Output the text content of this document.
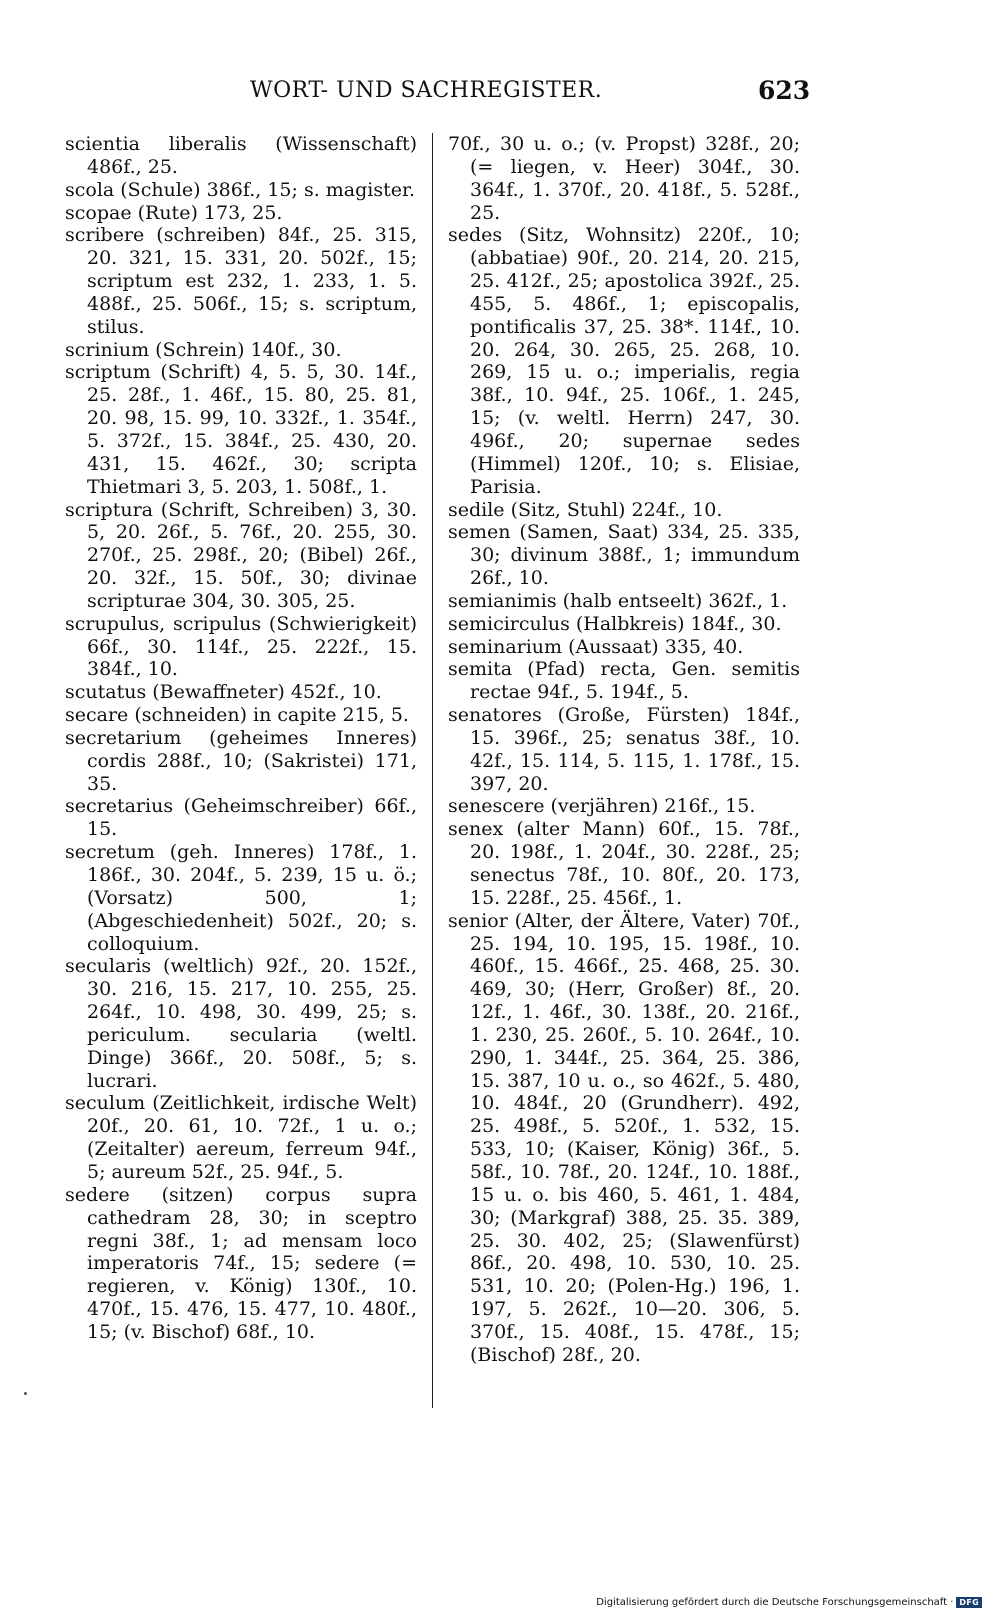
WORT- UND SACHREGISTER.	623

scientia liberalis (Wissenschaft) 486f., 25.

scola (Schule) 386f., 15; s. magister.

scopae (Rute) 173, 25.

scribere (schreiben) 84f., 25. 315, 20. 321, 15. 331, 20. 502f., 15; scriptum est 232, 1. 233, 1. 5. 488f., 25. 506f., 15; s. scriptum, stilus.

scrinium (Schrein) 140f., 30.

scriptum (Schrift) 4, 5. 5, 30. 14f., 25. 28f., 1. 46f., 15. 80, 25. 81, 20. 98, 15. 99, 10. 332f., 1. 354f., 5. 372f., 15. 384f., 25. 430, 20. 431, 15. 462f., 30; scripta Thietmari 3, 5. 203, 1. 508f., 1.

scriptura (Schrift, Schreiben) 3, 30. 5, 20. 26f., 5. 76f., 20. 255, 30. 270f., 25. 298f., 20; (Bibel) 26f., 20. 32f., 15. 50f., 30; divinae scripturae 304, 30. 305, 25.

scrupulus, scripulus (Schwierigkeit) 66f., 30. 114f., 25. 222f., 15. 384f., 10.

scutatus (Bewaffneter) 452f., 10.

secare (schneiden) in capite 215, 5.

secretarium (geheimes Inneres) cordis 288f., 10; (Sakristei) 171, 35.

secretarius (Geheimschreiber) 66f., 15.

secretum (geh. Inneres) 178f., 1. 186f., 30. 204f., 5. 239, 15 u. ö.; (Vorsatz) 500, 1; (Abgeschiedenheit) 502f., 20; s. colloquium.

secularis (weltlich) 92f., 20. 152f., 30. 216, 15. 217, 10. 255, 25. 264f., 10. 498, 30. 499, 25; s. periculum. secularia (weltl. Dinge) 366f., 20. 508f., 5; s. lucrari.

seculum (Zeitlichkeit, irdische Welt) 20f., 20. 61, 10. 72f., 1 u. o.; (Zeitalter) aereum, ferreum 94f., 5; aureum 52f., 25. 94f., 5.

sedere (sitzen) corpus supra cathedram 28, 30; in sceptro regni 38f., 1; ad mensam loco imperatoris 74f., 15; sedere (= regieren, v. König) 130f., 10. 470f., 15. 476, 15. 477, 10. 480f., 15; (v. Bischof) 68f., 10.

70f., 30 u. o.; (v. Propst) 328f., 20; (= liegen, v. Heer) 304f., 30. 364f., 1. 370f., 20. 418f., 5. 528f., 25.

sedes (Sitz, Wohnsitz) 220f., 10; (abbatiae) 90f., 20. 214, 20. 215, 25. 412f., 25; apostolica 392f., 25. 455, 5. 486f., 1; episcopalis, pontificalis 37, 25. 38*. 114f., 10. 20. 264, 30. 265, 25. 268, 10. 269, 15 u. o.; imperialis, regia 38f., 10. 94f., 25. 106f., 1. 245, 15; (v. weltl. Herrn) 247, 30. 496f., 20; supernae sedes (Himmel) 120f., 10; s. Elisiae, Parisia.

sedile (Sitz, Stuhl) 224f., 10.

semen (Samen, Saat) 334, 25. 335, 30; divinum 388f., 1; immundum 26f., 10.

semianimis (halb entseelt) 362f., 1.

semicirculus (Halbkreis) 184f., 30.

seminarium (Aussaat) 335, 40.

semita (Pfad) recta, Gen. semitis rectae 94f., 5. 194f., 5.

senatores (Große, Fürsten) 184f., 15. 396f., 25; senatus 38f., 10. 42f., 15. 114, 5. 115, 1. 178f., 15. 397, 20.

senescere (verjähren) 216f., 15.

senex (alter Mann) 60f., 15. 78f., 20. 198f., 1. 204f., 30. 228f., 25; senectus 78f., 10. 80f., 20. 173, 15. 228f., 25. 456f., 1.

senior (Alter, der Ältere, Vater) 70f., 25. 194, 10. 195, 15. 198f., 10. 460f., 15. 466f., 25. 468, 25. 30. 469, 30; (Herr, Großer) 8f., 20. 12f., 1. 46f., 30. 138f., 20. 216f., 1. 230, 25. 260f., 5. 10. 264f., 10. 290, 1. 344f., 25. 364, 25. 386, 15. 387, 10 u. o., so 462f., 5. 480, 10. 484f., 20 (Grundherr). 492, 25. 498f., 5. 520f., 1. 532, 15. 533, 10; (Kaiser, König) 36f., 5. 58f., 10. 78f., 20. 124f., 10. 188f., 15 u. o. bis 460, 5. 461, 1. 484, 30; (Markgraf) 388, 25. 35. 389, 25. 30. 402, 25; (Slawenfürst) 86f., 20. 498, 10. 530, 10. 25. 531, 10. 20; (Polen-Hg.) 196, 1. 197, 5. 262f., 10—20. 306, 5. 370f., 15. 408f., 15. 478f., 15; (Bischof) 28f., 20.

Digitalisierung gefördert durch die Deutsche Forschungsgemeinschaft · DFG
